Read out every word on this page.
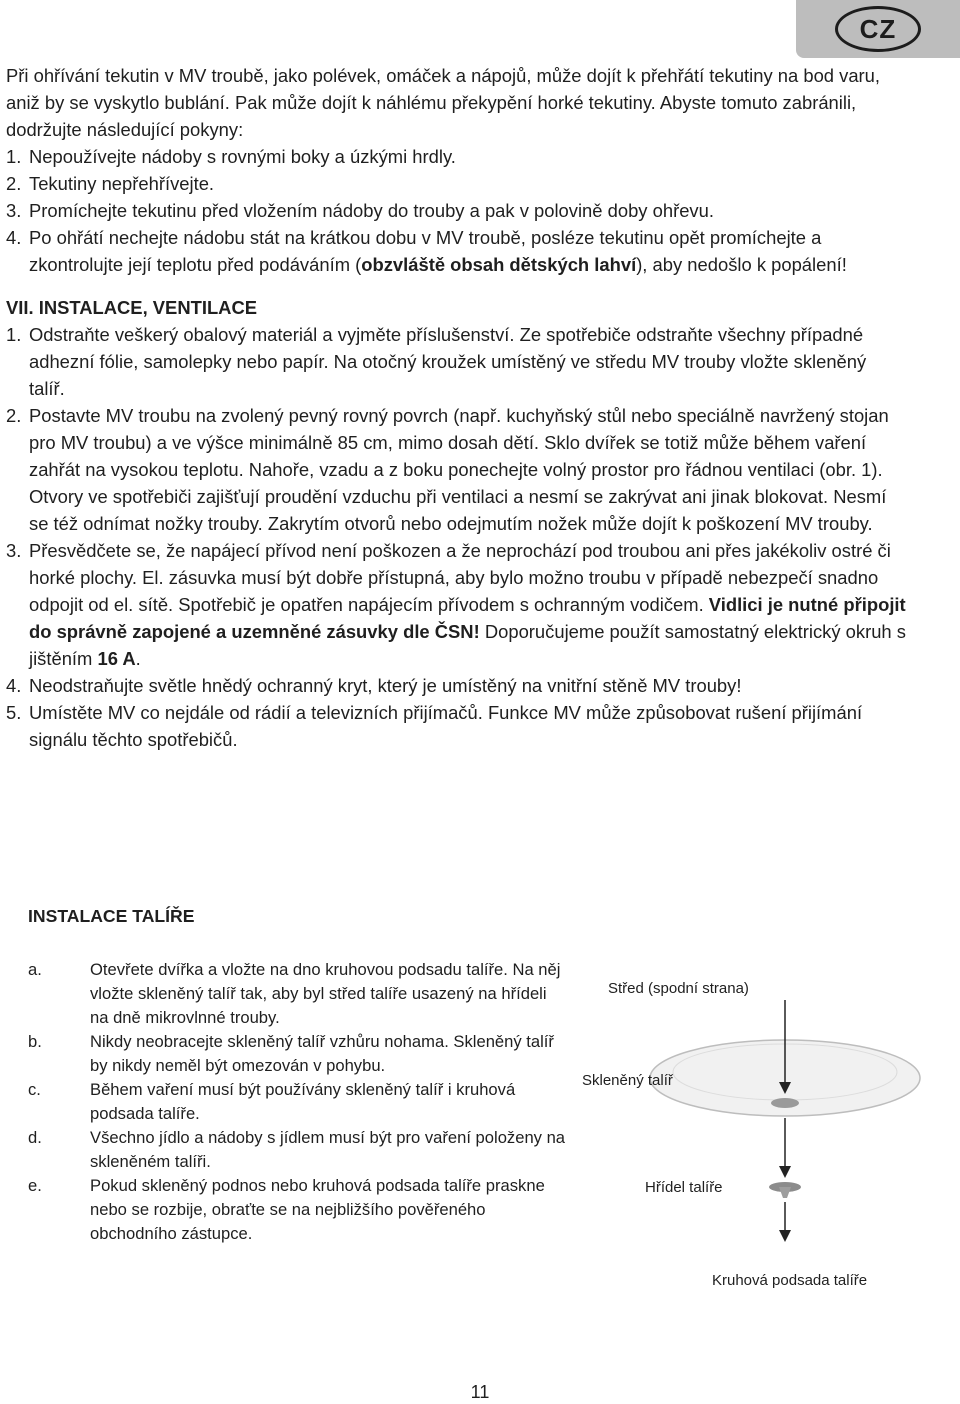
CZ

Při ohřívání tekutin v MV troubě, jako polévek, omáček a nápojů, může dojít k přehřátí tekutiny na bod varu, aniž by se vyskytlo bublání. Pak může dojít k náhlému překypění horké tekutiny. Abyste tomuto zabránili, dodržujte následující pokyny:

1. Nepoužívejte nádoby s rovnými boky a úzkými hrdly.
2. Tekutiny nepřehřívejte.
3. Promíchejte tekutinu před vložením nádoby do trouby a pak v polovině doby ohřevu.
4. Po ohřátí nechejte nádobu stát na krátkou dobu v MV troubě, posléze tekutinu opět promíchejte a zkontrolujte její teplotu před podáváním (obzvláště obsah dětských lahví), aby nedošlo k popálení!

VII. INSTALACE, VENTILACE

1. Odstraňte veškerý obalový materiál a vyjměte příslušenství. Ze spotřebiče odstraňte všechny případné adhezní fólie, samolepky nebo papír. Na otočný kroužek umístěný ve středu MV trouby vložte skleněný talíř.
2. Postavte MV troubu na zvolený pevný rovný povrch (např. kuchyňský stůl nebo speciálně navržený stojan pro MV troubu) a ve výšce minimálně 85 cm, mimo dosah dětí. Sklo dvířek se totiž může během vaření zahřát na vysokou teplotu. Nahoře, vzadu a z boku ponechejte volný prostor pro řádnou ventilaci (obr. 1). Otvory ve spotřebiči zajišťují proudění vzduchu při ventilaci a nesmí se zakrývat ani jinak blokovat. Nesmí se též odnímat nožky trouby. Zakrytím otvorů nebo odejmutím nožek může dojít k poškození MV trouby.
3. Přesvědčete se, že napájecí přívod není poškozen a že neprochází pod troubou ani přes jakékoliv ostré či horké plochy. El. zásuvka musí být dobře přístupná, aby bylo možno troubu v případě nebezpečí snadno odpojit od el. sítě. Spotřebič je opatřen napájecím přívodem s ochranným vodičem. Vidlici je nutné připojit do správně zapojené a uzemněné zásuvky dle ČSN! Doporučujeme použít samostatný elektrický okruh s jištěním 16 A.
4. Neodstraňujte světle hnědý ochranný kryt, který je umístěný na vnitřní stěně MV trouby!
5. Umístěte MV co nejdále od rádií a televizních přijímačů. Funkce MV může způsobovat rušení přijímání signálu těchto spotřebičů.
INSTALACE TALÍŘE
a.	Otevřete dvířka a vložte na dno kruhovou podsadu talíře. Na něj vložte skleněný talíř tak, aby byl střed talíře usazený na hřídeli na dně mikrovlnné trouby.
b.	Nikdy neobracejte skleněný talíř vzhůru nohama. Skleněný talíř by nikdy neměl být omezován v pohybu.
c.	Během vaření musí být používány skleněný talíř i kruhová podsada talíře.
d.	Všechno jídlo a nádoby s jídlem musí být pro vaření položeny na skleněném talíři.
e.	Pokud skleněný podnos nebo kruhová podsada talíře praskne nebo se rozbije, obraťte se na nejbližšího pověřeného obchodního zástupce.
Střed (spodní strana)
Skleněný talíř
Hřídel talíře
Kruhová podsada talíře
11
